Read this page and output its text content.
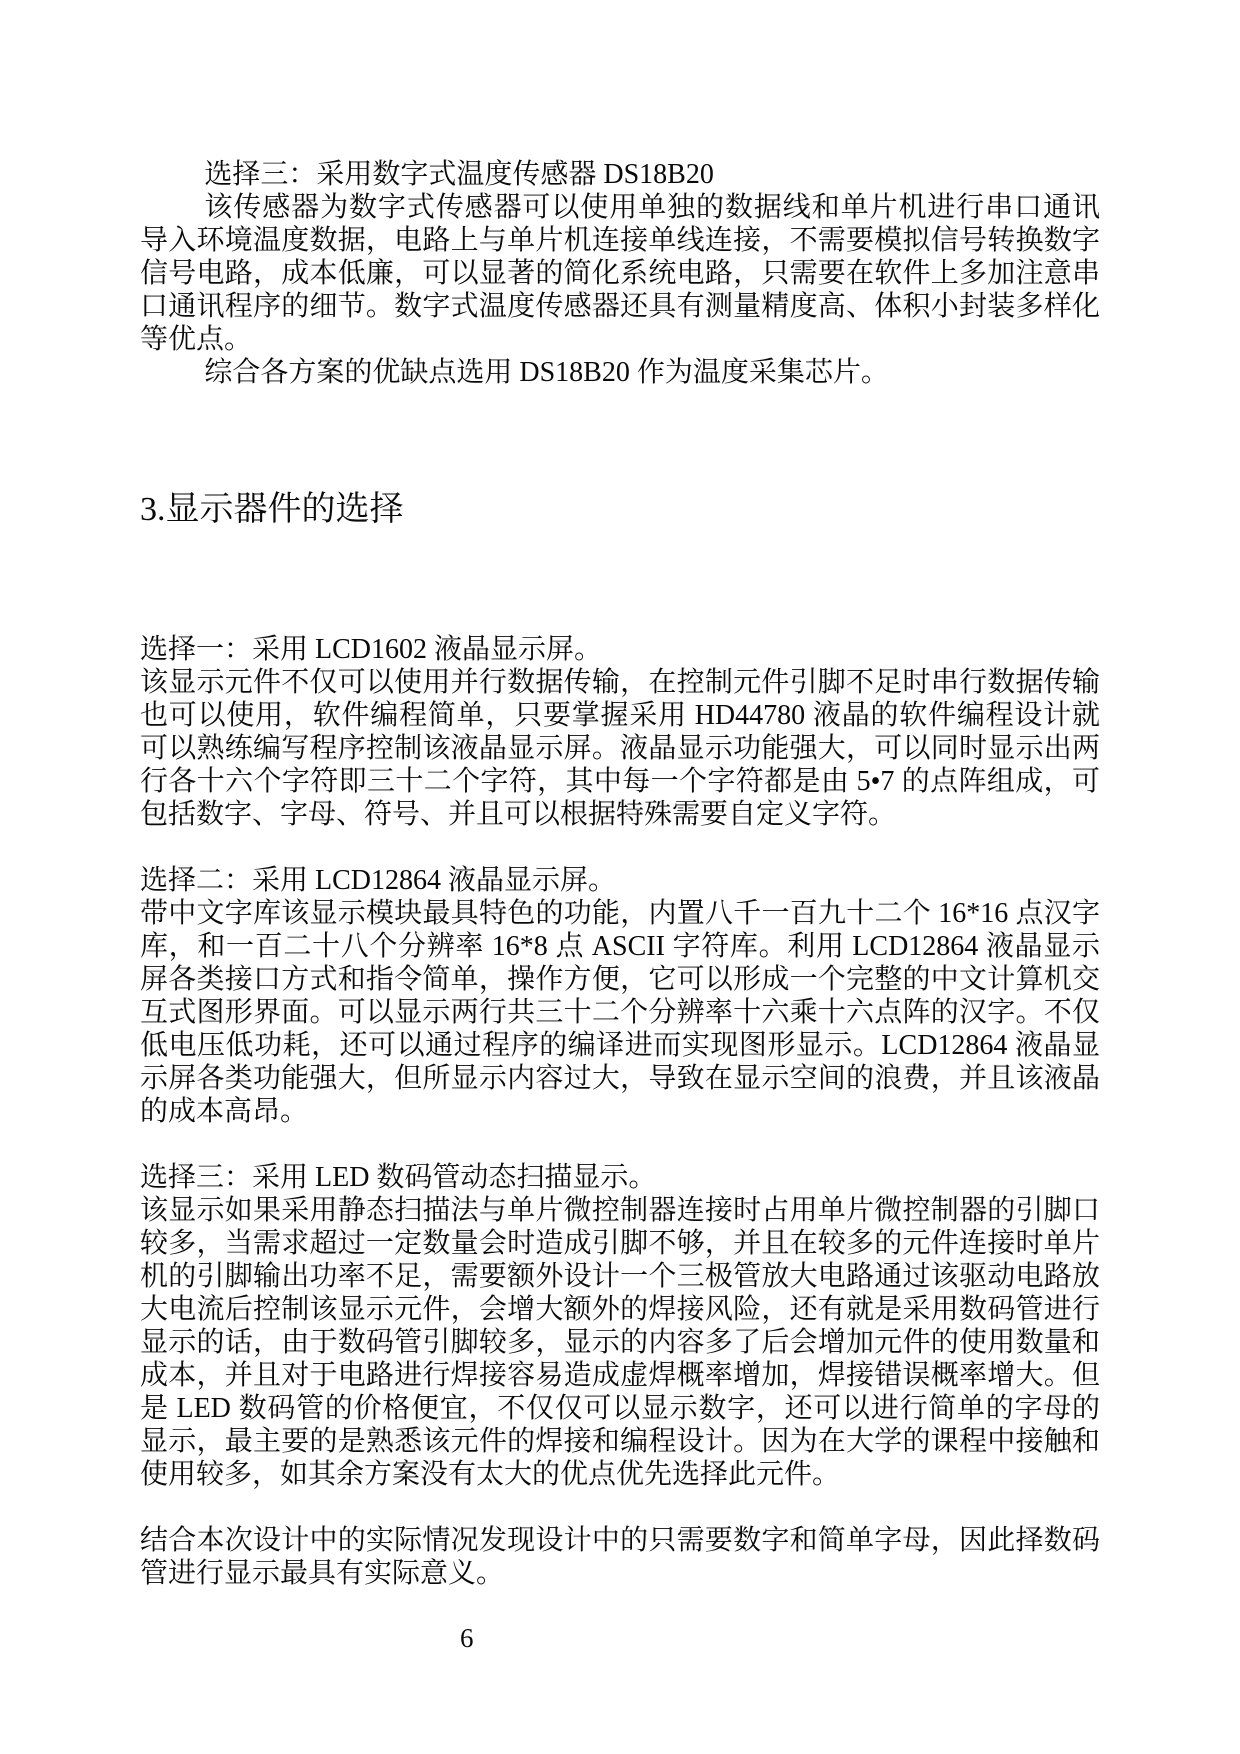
选择三：采用数字式温度传感器 DS18B20

该传感器为数字式传感器可以使用单独的数据线和单片机进行串口通讯导入环境温度数据，电路上与单片机连接单线连接，不需要模拟信号转换数字信号电路，成本低廉，可以显著的简化系统电路，只需要在软件上多加注意串口通讯程序的细节。数字式温度传感器还具有测量精度高、体积小封装多样化等优点。

综合各方案的优缺点选用 DS18B20 作为温度采集芯片。

3.显示器件的选择

选择一：采用 LCD1602 液晶显示屏。

该显示元件不仅可以使用并行数据传输，在控制元件引脚不足时串行数据传输也可以使用，软件编程简单，只要掌握采用 HD44780 液晶的软件编程设计就可以熟练编写程序控制该液晶显示屏。液晶显示功能强大，可以同时显示出两行各十六个字符即三十二个字符，其中每一个字符都是由 5•7 的点阵组成，可包括数字、字母、符号、并且可以根据特殊需要自定义字符。

选择二：采用 LCD12864 液晶显示屏。

带中文字库该显示模块最具特色的功能，内置八千一百九十二个 16*16 点汉字库，和一百二十八个分辨率 16*8 点 ASCII 字符库。利用 LCD12864 液晶显示屏各类接口方式和指令简单，操作方便，它可以形成一个完整的中文计算机交互式图形界面。可以显示两行共三十二个分辨率十六乘十六点阵的汉字。不仅低电压低功耗，还可以通过程序的编译进而实现图形显示。LCD12864 液晶显示屏各类功能强大，但所显示内容过大，导致在显示空间的浪费，并且该液晶的成本高昂。

选择三：采用 LED 数码管动态扫描显示。

该显示如果采用静态扫描法与单片微控制器连接时占用单片微控制器的引脚口较多，当需求超过一定数量会时造成引脚不够，并且在较多的元件连接时单片机的引脚输出功率不足，需要额外设计一个三极管放大电路通过该驱动电路放大电流后控制该显示元件，会增大额外的焊接风险，还有就是采用数码管进行显示的话，由于数码管引脚较多，显示的内容多了后会增加元件的使用数量和成本，并且对于电路进行焊接容易造成虚焊概率增加，焊接错误概率增大。但是 LED 数码管的价格便宜，不仅仅可以显示数字，还可以进行简单的字母的显示，最主要的是熟悉该元件的焊接和编程设计。因为在大学的课程中接触和使用较多，如其余方案没有太大的优点优先选择此元件。

结合本次设计中的实际情况发现设计中的只需要数字和简单字母，因此择数码管进行显示最具有实际意义。

6
